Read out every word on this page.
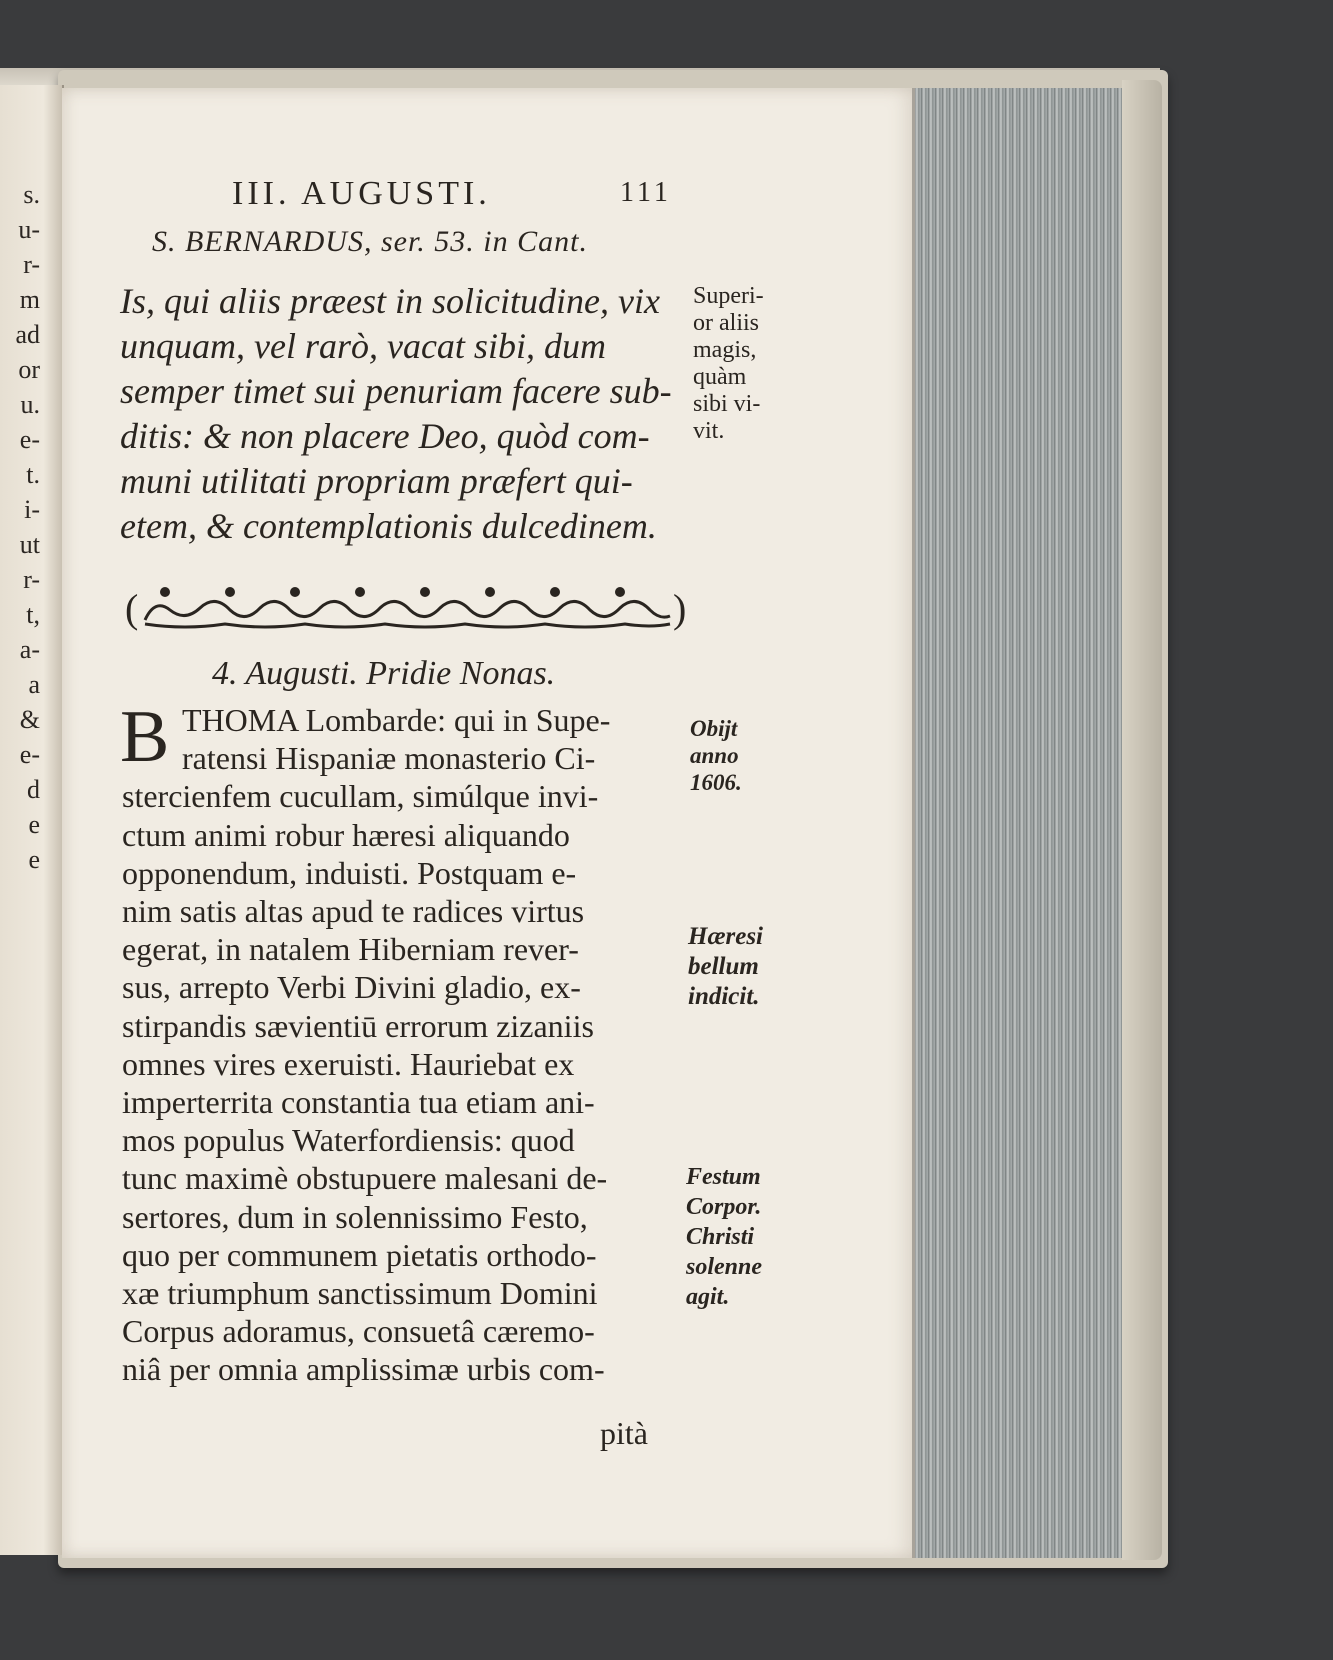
s.
u-
r-
m
ad
or
u.
e-
t.
i-
ut
r-
t,
a-
a
&
e-
d
e
e
III. AUGUSTI.	111
S. BERNARDUS, ser. 53. in Cant.
Is, qui aliis præest in solicitudine, vix
unquam, vel rarò, vacat sibi, dum
semper timet sui penuriam facere sub-
ditis: & non placere Deo, quòd com-
muni utilitati propriam præfert qui-
etem, & contemplationis dulcedinem.
Superi-
or aliis
magis,
quàm
sibi vi-
vit.
(	)
4. Augusti. Pridie Nonas.
B THOMA Lombarde: qui in Supe-
ratensi Hispaniæ monasterio Ci-
stercienfem cucullam, simúlque invi-
ctum animi robur hæresi aliquando
opponendum, induisti. Postquam e-
nim satis altas apud te radices virtus
egerat, in natalem Hiberniam rever-
sus, arrepto Verbi Divini gladio, ex-
stirpandis sævientiū errorum zizaniis
omnes vires exeruisti. Hauriebat ex
imperterrita constantia tua etiam ani-
mos populus Waterfordiensis: quod
tunc maximè obstupuere malesani de-
sertores, dum in solennissimo Festo,
quo per communem pietatis orthodo-
xæ triumphum sanctissimum Domini
Corpus adoramus, consuetâ cæremo-
niâ per omnia amplissimæ urbis com-
pità
Obijt
anno
1606.
Hæresi
bellum
indicit.
Festum
Corpor.
Christi
solenne
agit.
